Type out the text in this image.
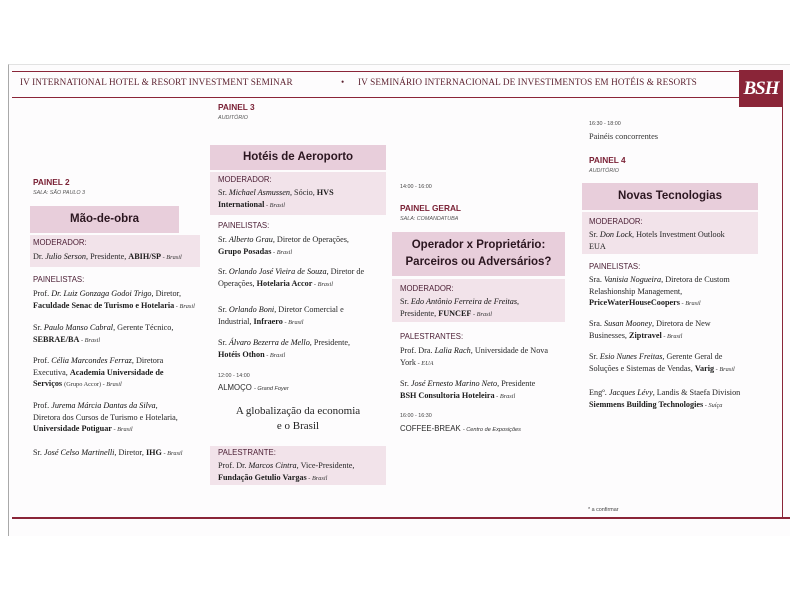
IV INTERNATIONAL HOTEL & RESORT INVESTMENT SEMINAR	• IV SEMINÁRIO INTERNACIONAL DE INVESTIMENTOS EM HOTÉIS & RESORTS BSH
PAINEL 2
SALA: SÃO PAULO 3
Mão-de-obra
MODERADOR:
Dr. Julio Serson, Presidente, ABIH/SP - Brasil
PAINELISTAS:
Prof. Dr. Luiz Gonzaga Godoi Trigo, Diretor,
Faculdade Senac de Turismo e Hotelaria - Brasil
Sr. Paulo Manso Cabral, Gerente Técnico,
SEBRAE/BA - Brasil
Prof. Célia Marcondes Ferraz, Diretora
Executiva, Academia Universidade de
Serviços (Grupo Accor) - Brasil
Prof. Jurema Márcia Dantas da Silva,
Diretora dos Cursos de Turismo e Hotelaria,
Universidade Potiguar - Brasil
Sr. José Celso Martinelli, Diretor, IHG - Brasil
PAINEL 3
AUDITÓRIO
Hotéis de Aeroporto
MODERADOR:
Sr. Michael Asmussen, Sócio, HVS
International - Brasil
PAINELISTAS:
Sr. Alberto Grau, Diretor de Operações,
Grupo Posadas - Brasil
Sr. Orlando José Vieira de Souza, Diretor de
Operações, Hotelaria Accor - Brasil
Sr. Orlando Boni, Diretor Comercial e
Industrial, Infraero - Brasil
Sr. Álvaro Bezerra de Mello, Presidente,
Hotéis Othon - Brasil
12:00 - 14:00
ALMOÇO - Grand Foyer
A globalização da economia
e o Brasil
PALESTRANTE:
Prof. Dr. Marcos Cintra, Vice-Presidente,
Fundação Getulio Vargas - Brasil
14:00 - 16:00
PAINEL GERAL
SALA: COMANDATUBA
Operador x Proprietário:
Parceiros ou Adversários?
MODERADOR:
Sr. Edo Antônio Ferreira de Freitas,
Presidente, FUNCEF - Brasil
PALESTRANTES:
Prof. Dra. Lalia Rach, Universidade de Nova
York - EUA
Sr. José Ernesto Marino Neto, Presidente
BSH Consultoria Hoteleira - Brasil
16:00 - 16:30
COFFEE-BREAK - Centro de Exposições
16:30 - 18:00
Painéis concorrentes
PAINEL 4
AUDITÓRIO
Novas Tecnologias
MODERADOR:
Sr. Don Lock, Hotels Investment Outlook
EUA
PAINELISTAS:
Sra. Vanisia Nogueira, Diretora de Custom
Relashionship Management,
PriceWaterHouseCoopers - Brasil
Sra. Susan Mooney, Diretora de New
Businesses, Ziptravel - Brasil
Sr. Esio Nunes Freitas, Gerente Geral de
Soluções e Sistemas de Vendas, Varig - Brasil
Engº. Jacques Lévy, Landis & Staefa Division
Siemmens Building Technologies - Suíça
* a confirmar
